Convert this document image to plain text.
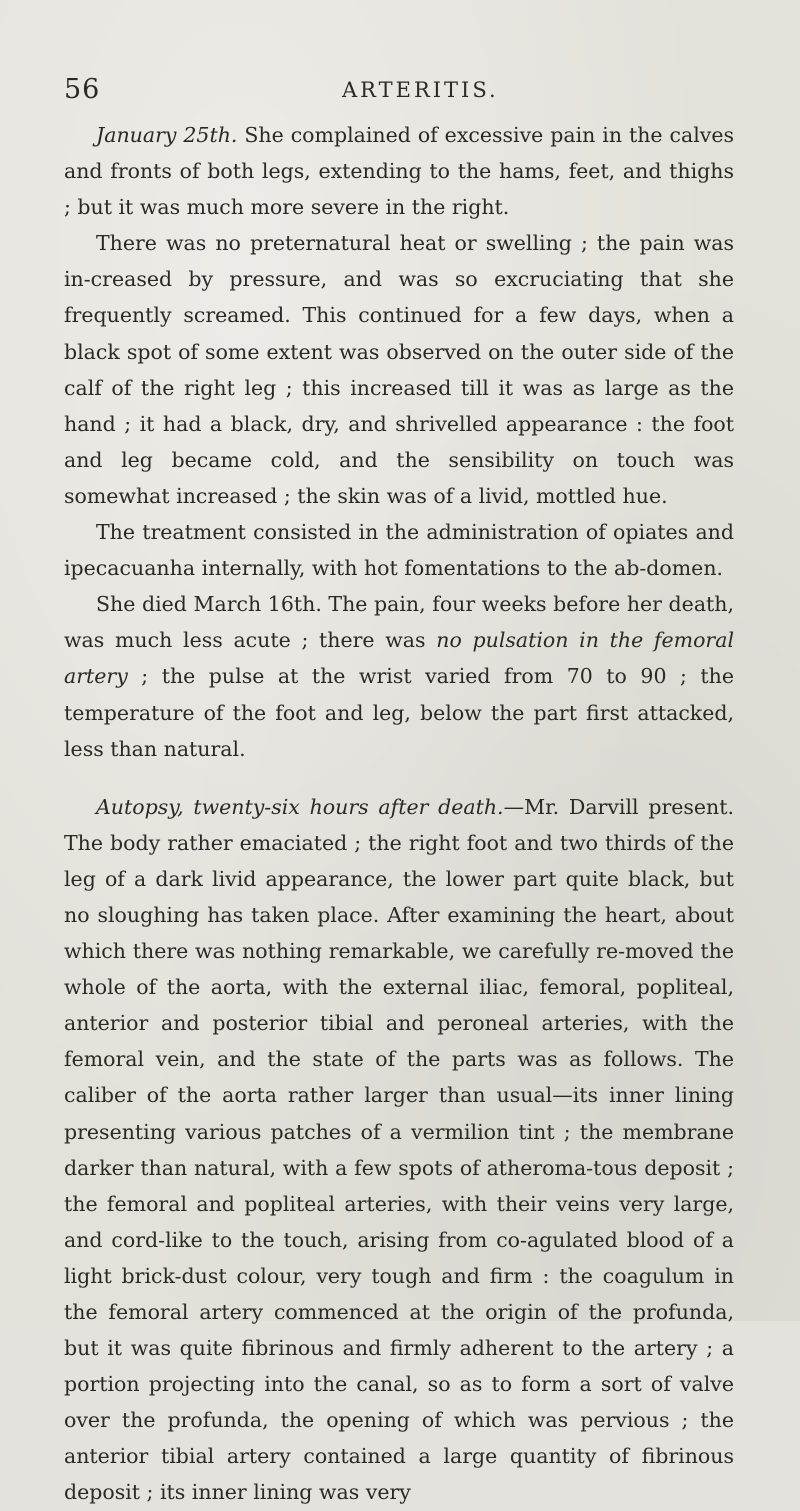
56	ARTERITIS.

January 25th. She complained of excessive pain in the calves and fronts of both legs, extending to the hams, feet, and thighs ; but it was much more severe in the right.

There was no preternatural heat or swelling ; the pain was in-creased by pressure, and was so excruciating that she frequently screamed. This continued for a few days, when a black spot of some extent was observed on the outer side of the calf of the right leg ; this increased till it was as large as the hand ; it had a black, dry, and shrivelled appearance : the foot and leg became cold, and the sensibility on touch was somewhat increased ; the skin was of a livid, mottled hue.

The treatment consisted in the administration of opiates and ipecacuanha internally, with hot fomentations to the ab-domen.

She died March 16th. The pain, four weeks before her death, was much less acute ; there was no pulsation in the femoral artery ; the pulse at the wrist varied from 70 to 90 ; the temperature of the foot and leg, below the part first attacked, less than natural.

Autopsy, twenty-six hours after death.—Mr. Darvill present. The body rather emaciated ; the right foot and two thirds of the leg of a dark livid appearance, the lower part quite black, but no sloughing has taken place. After examining the heart, about which there was nothing remarkable, we carefully re-moved the whole of the aorta, with the external iliac, femoral, popliteal, anterior and posterior tibial and peroneal arteries, with the femoral vein, and the state of the parts was as follows. The caliber of the aorta rather larger than usual—its inner lining presenting various patches of a vermilion tint ; the membrane darker than natural, with a few spots of atheroma-tous deposit ; the femoral and popliteal arteries, with their veins very large, and cord-like to the touch, arising from co-agulated blood of a light brick-dust colour, very tough and firm : the coagulum in the femoral artery commenced at the origin of the profunda, but it was quite fibrinous and firmly adherent to the artery ; a portion projecting into the canal, so as to form a sort of valve over the profunda, the opening of which was pervious ; the anterior tibial artery contained a large quantity of fibrinous deposit ; its inner lining was very
